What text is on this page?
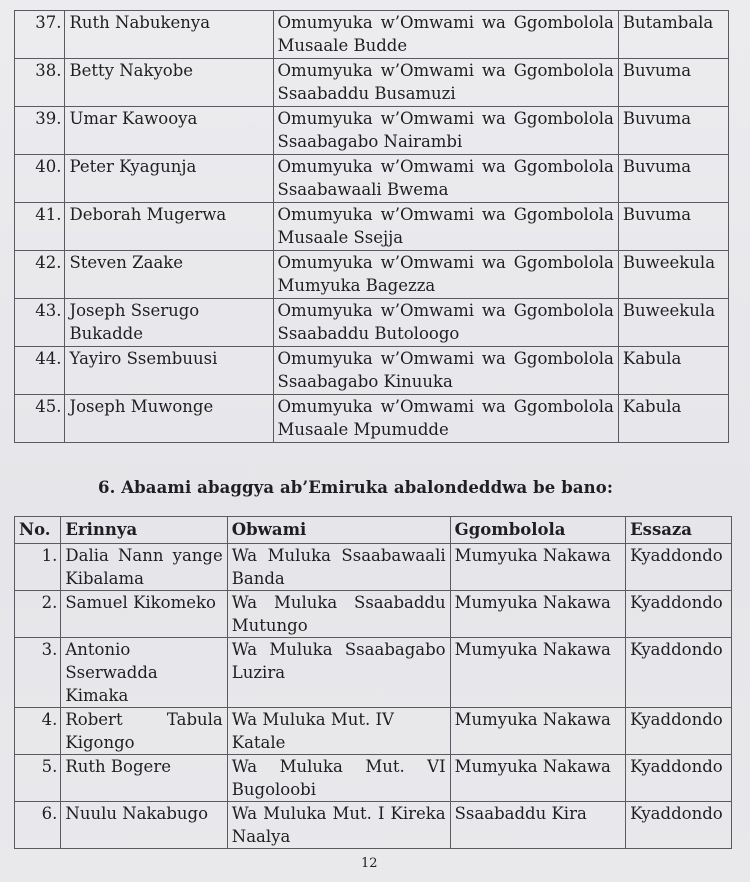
37.	Ruth Nabukenya	Omumyuka w’Omwami wa Ggombolola
Musaale Budde	Butambala
38.	Betty Nakyobe	Omumyuka w’Omwami wa Ggombolola
Ssaabaddu Busamuzi	Buvuma
39.	Umar Kawooya	Omumyuka w’Omwami wa Ggombolola
Ssaabagabo Nairambi	Buvuma
40.	Peter Kyagunja	Omumyuka w’Omwami wa Ggombolola
Ssaabawaali Bwema	Buvuma
41.	Deborah Mugerwa	Omumyuka w’Omwami wa Ggombolola
Musaale Ssejja	Buvuma
42.	Steven Zaake	Omumyuka w’Omwami wa Ggombolola
Mumyuka Bagezza	Buweekula
43.	Joseph Sserugo Bukadde	Omumyuka w’Omwami wa Ggombolola
Ssaabaddu Butoloogo	Buweekula
44.	Yayiro Ssembuusi	Omumyuka w’Omwami wa Ggombolola
Ssaabagabo Kinuuka	Kabula
45.	Joseph Muwonge	Omumyuka w’Omwami wa Ggombolola
Musaale Mpumudde	Kabula
6. Abaami abaggya ab’Emiruka abalondeddwa be bano:
No.	Erinnya	Obwami	Ggombolola	Essaza
1.	Dalia Nann yange
Kibalama	Wa Muluka Ssaabawaali
Banda	Mumyuka Nakawa	Kyaddondo
2.	Samuel Kikomeko	Wa Muluka Ssaabaddu
Mutungo	Mumyuka Nakawa	Kyaddondo
3.	Antonio
Sserwadda Kimaka	Wa Muluka Ssaabagabo
Luzira	Mumyuka Nakawa	Kyaddondo
4.	Robert Tabula
Kigongo	Wa Muluka Mut. IV Katale	Mumyuka Nakawa	Kyaddondo
5.	Ruth Bogere	Wa Muluka Mut. VI
Bugoloobi	Mumyuka Nakawa	Kyaddondo
6.	Nuulu Nakabugo	Wa Muluka Mut. I Kireka
Naalya	Ssaabaddu Kira	Kyaddondo
12
